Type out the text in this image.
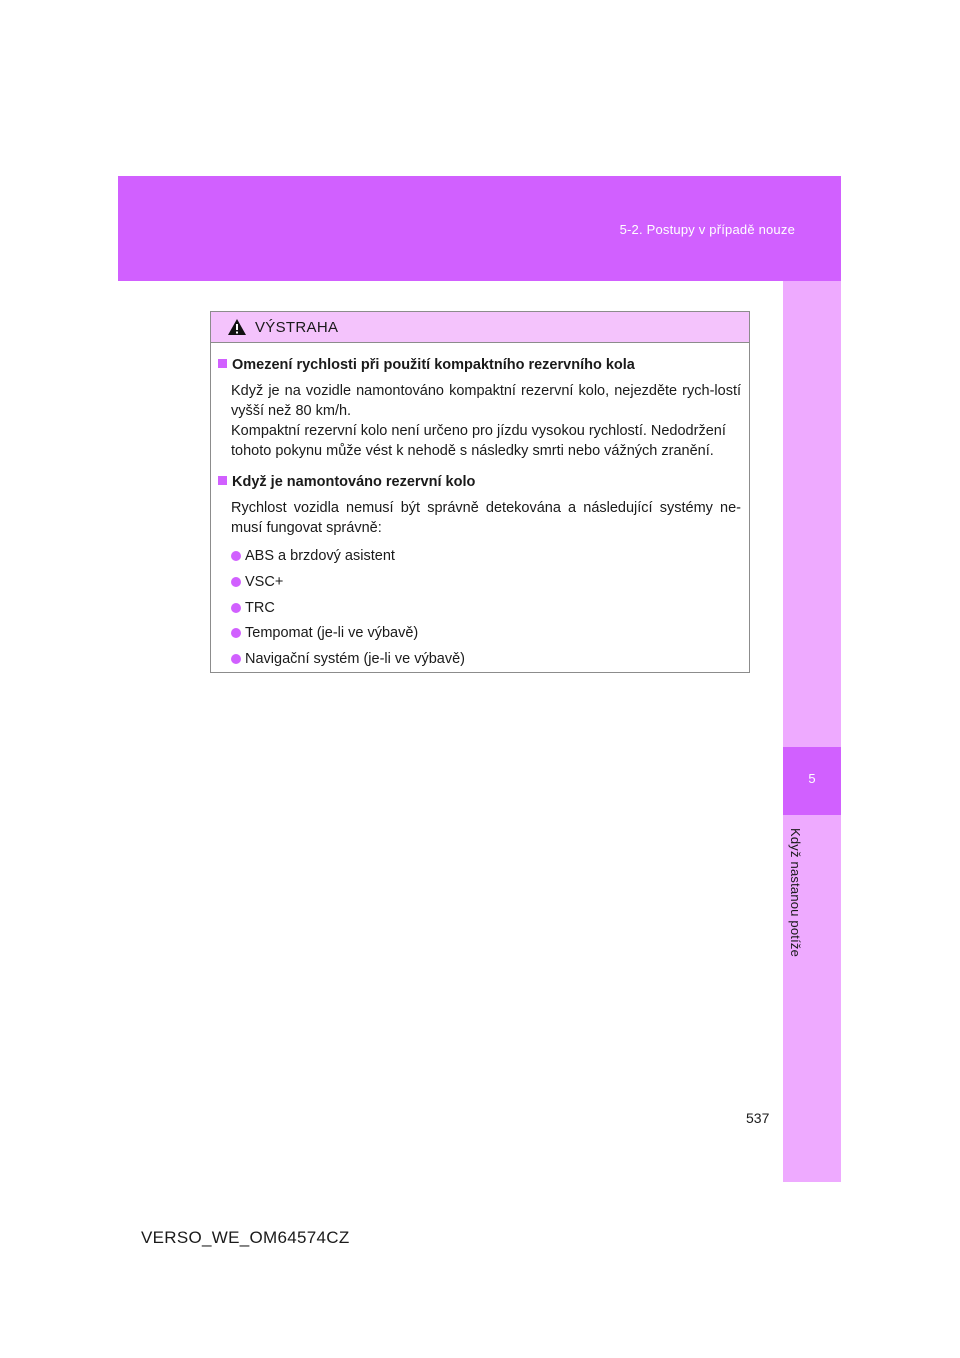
5-2. Postupy v případě nouze
5
Když nastanou potíže
VÝSTRAHA
Omezení rychlosti při použití kompaktního rezervního kola

Když je na vozidle namontováno kompaktní rezervní kolo, nejezděte rych-lostí vyšší než 80 km/h.

Kompaktní rezervní kolo není určeno pro jízdu vysokou rychlostí. Nedodržení tohoto pokynu může vést k nehodě s následky smrti nebo vážných zranění.

Když je namontováno rezervní kolo

Rychlost vozidla nemusí být správně detekována a následující systémy ne-musí fungovat správně:

ABS a brzdový asistent
VSC+
TRC
Tempomat (je-li ve výbavě)
Navigační systém (je-li ve výbavě)
537
VERSO_WE_OM64574CZ
